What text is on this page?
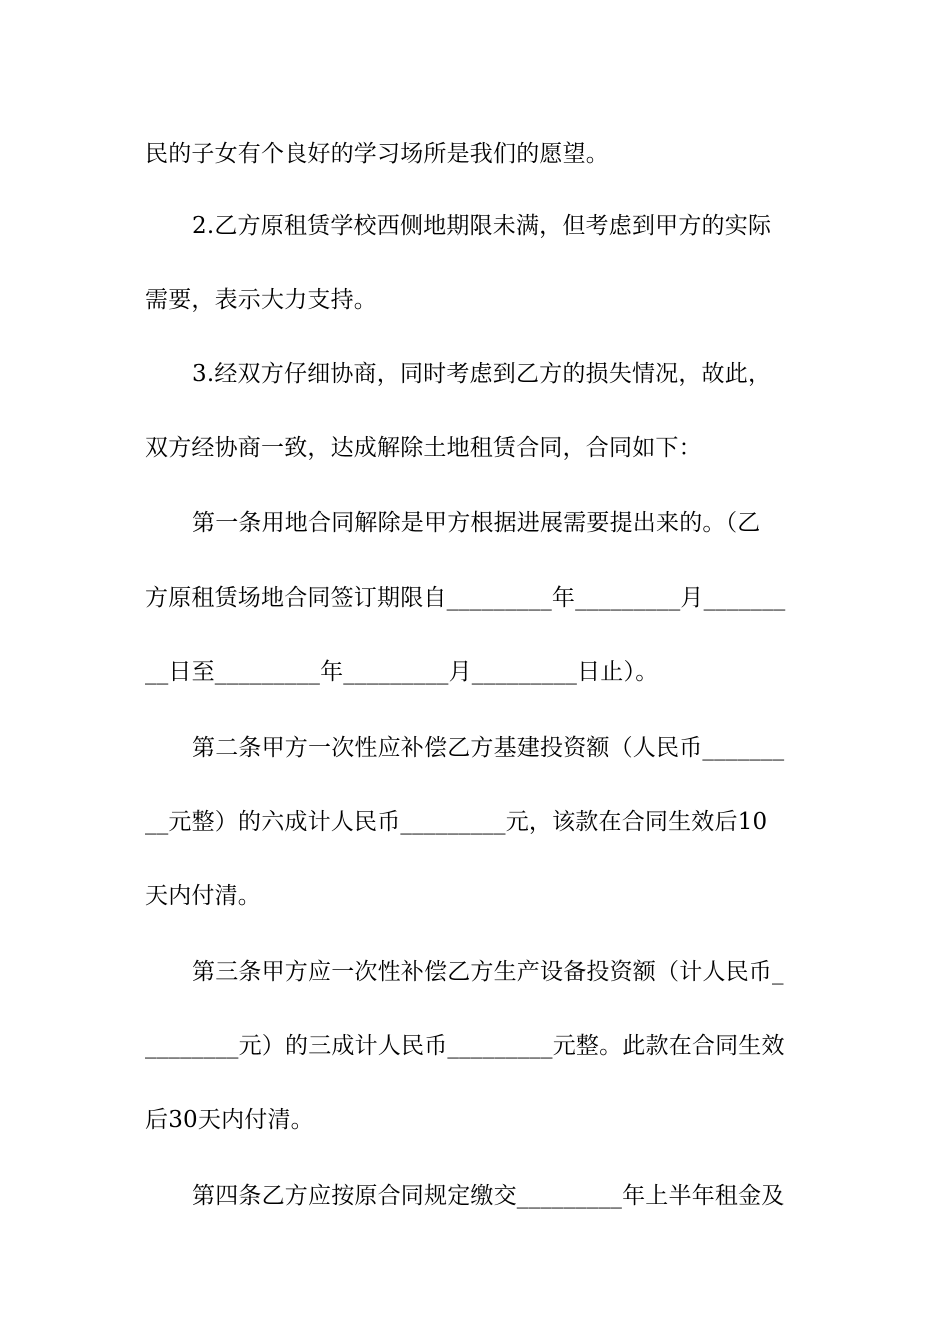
民的子女有个良好的学习场所是我们的愿望。
2.乙方原租赁学校西侧地期限未满，但考虑到甲方的实际
需要，表示大力支持。
3.经双方仔细协商，同时考虑到乙方的损失情况，故此，
双方经协商一致，达成解除土地租赁合同，合同如下：
第一条用地合同解除是甲方根据进展需要提出来的。（乙
方原租赁场地合同签订期限自_________年_________月_______
__日至_________年_________月_________日止）。
第二条甲方一次性应补偿乙方基建投资额（人民币_______
__元整）的六成计人民币_________元，该款在合同生效后10
天内付清。
第三条甲方应一次性补偿乙方生产设备投资额（计人民币_
________元）的三成计人民币_________元整。此款在合同生效
后30天内付清。
第四条乙方应按原合同规定缴交_________年上半年租金及
